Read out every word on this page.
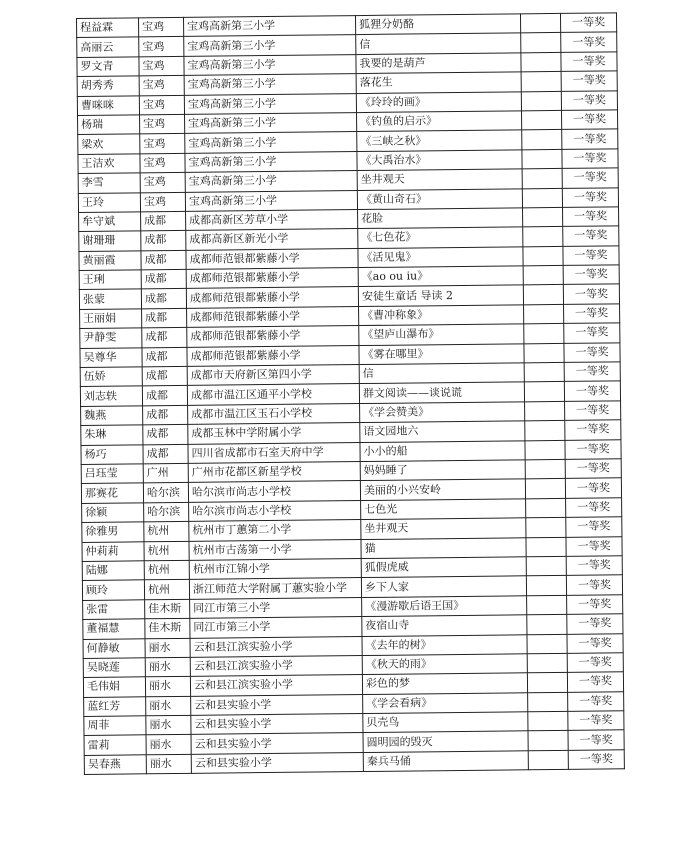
程益霖	宝鸡	宝鸡高新第三小学	狐狸分奶酪		一等奖
高丽云	宝鸡	宝鸡高新第三小学	信		一等奖
罗文青	宝鸡	宝鸡高新第三小学	我要的是葫芦		一等奖
胡秀秀	宝鸡	宝鸡高新第三小学	落花生		一等奖
曹咪咪	宝鸡	宝鸡高新第三小学	《玲玲的画》		一等奖
杨瑞	宝鸡	宝鸡高新第三小学	《钓鱼的启示》		一等奖
梁欢	宝鸡	宝鸡高新第三小学	《三峡之秋》		一等奖
王洁欢	宝鸡	宝鸡高新第三小学	《大禹治水》		一等奖
李雪	宝鸡	宝鸡高新第三小学	坐井观天		一等奖
王玲	宝鸡	宝鸡高新第三小学	《黄山奇石》		一等奖
牟守斌	成都	成都高新区芳草小学	花脸		一等奖
谢珊珊	成都	成都高新区新光小学	《七色花》		一等奖
黄丽霞	成都	成都师范银都紫藤小学	《活见鬼》		一等奖
王琍	成都	成都师范银都紫藤小学	《ao ou iu》		一等奖
张蒙	成都	成都师范银都紫藤小学	安徒生童话 导读 2		一等奖
王丽娟	成都	成都师范银都紫藤小学	《曹冲称象》		一等奖
尹静雯	成都	成都师范银都紫藤小学	《望庐山瀑布》		一等奖
吴尊华	成都	成都师范银都紫藤小学	《雾在哪里》		一等奖
伍娇	成都	成都市天府新区第四小学	信		一等奖
刘志轶	成都	成都市温江区通平小学校	群文阅读——谈说谎		一等奖
魏燕	成都	成都市温江区玉石小学校	《学会赞美》		一等奖
朱琳	成都	成都玉林中学附属小学	语文园地六		一等奖
杨巧	成都	四川省成都市石室天府中学	小小的船		一等奖
吕珏莹	广州	广州市花都区新星学校	妈妈睡了		一等奖
那赛花	哈尔滨	哈尔滨市尚志小学校	美丽的小兴安岭		一等奖
徐颖	哈尔滨	哈尔滨市尚志小学校	七色光		一等奖
徐雅男	杭州	杭州市丁蕙第二小学	坐井观天		一等奖
仲莉莉	杭州	杭州市古荡第一小学	猫		一等奖
陆娜	杭州	杭州市江锦小学	狐假虎威		一等奖
顾玲	杭州	浙江师范大学附属丁蕙实验小学	乡下人家		一等奖
张雷	佳木斯	同江市第三小学	《漫游歇后语王国》		一等奖
董福慧	佳木斯	同江市第三小学	夜宿山寺		一等奖
何静敏	丽水	云和县江滨实验小学	《去年的树》		一等奖
吴晓莲	丽水	云和县江滨实验小学	《秋天的雨》		一等奖
毛伟娟	丽水	云和县江滨实验小学	彩色的梦		一等奖
蓝红芳	丽水	云和县实验小学	《学会看病》		一等奖
周菲	丽水	云和县实验小学	贝壳鸟		一等奖
雷莉	丽水	云和县实验小学	圆明园的毁灭		一等奖
吴春燕	丽水	云和县实验小学	秦兵马俑		一等奖
